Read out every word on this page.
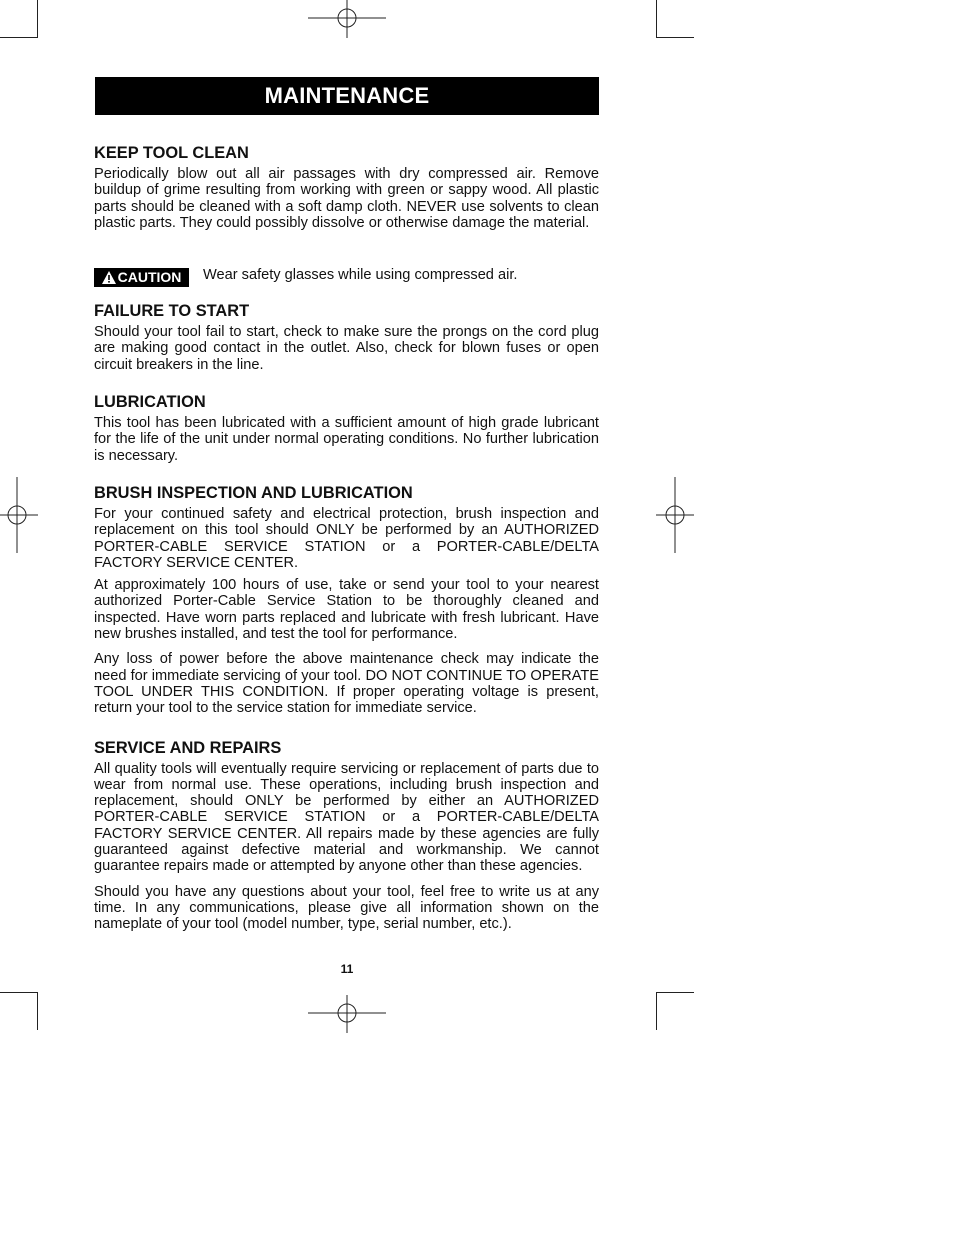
MAINTENANCE
KEEP TOOL CLEAN

Periodically blow out all air passages with dry compressed air. Remove buildup of grime resulting from working with green or sappy wood. All plastic parts should be cleaned with a soft damp cloth. NEVER use solvents to clean plastic parts. They could possibly dissolve or otherwise damage the material.

CAUTION Wear safety glasses while using compressed air.
FAILURE TO START

Should your tool fail to start, check to make sure the prongs on the cord plug are making good contact in the outlet. Also, check for blown fuses or open circuit breakers in the line.

LUBRICATION

This tool has been lubricated with a sufficient amount of high grade lubricant for the life of the unit under normal operating conditions. No further lubrication is necessary.

BRUSH INSPECTION AND LUBRICATION

For your continued safety and electrical protection, brush inspection and replacement on this tool should ONLY be performed by an AUTHORIZED PORTER-CABLE SERVICE STATION or a PORTER-CABLE/DELTA FACTORY SERVICE CENTER.

At approximately 100 hours of use, take or send your tool to your nearest authorized Porter-Cable Service Station to be thoroughly cleaned and inspected. Have worn parts replaced and lubricate with fresh lubricant. Have new brushes installed, and test the tool for performance.

Any loss of power before the above maintenance check may indicate the need for immediate servicing of your tool. DO NOT CONTINUE TO OPERATE TOOL UNDER THIS CONDITION. If proper operating voltage is present, return your tool to the service station for immediate service.

SERVICE AND REPAIRS

All quality tools will eventually require servicing or replacement of parts due to wear from normal use. These operations, including brush inspection and replacement, should ONLY be performed by either an AUTHORIZED PORTER-CABLE SERVICE STATION or a PORTER-CABLE/DELTA FACTORY SERVICE CENTER. All repairs made by these agencies are fully guaranteed against defective material and workmanship. We cannot guarantee repairs made or attempted by anyone other than these agencies.

Should you have any questions about your tool, feel free to write us at any time. In any communications, please give all information shown on the nameplate of your tool (model number, type, serial number, etc.).

11
